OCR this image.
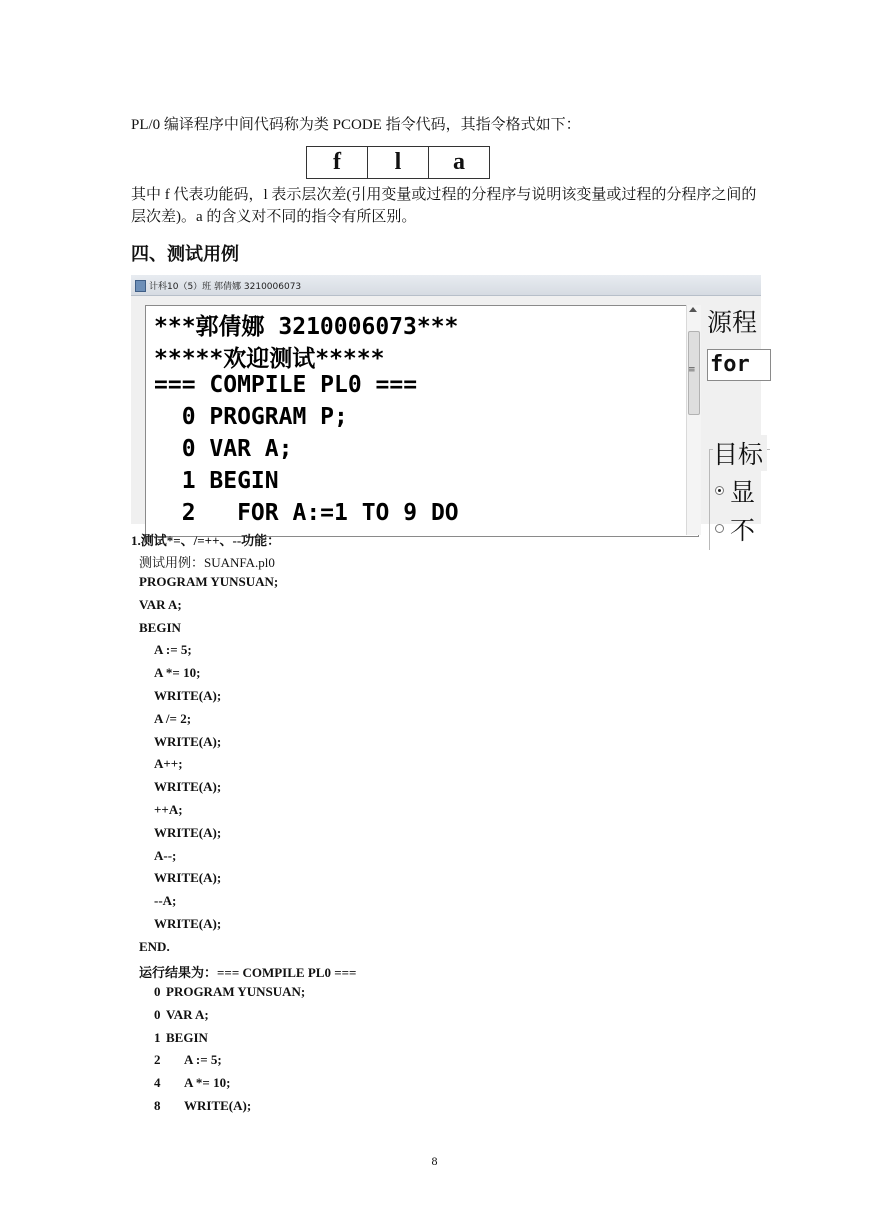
PL/0 编译程序中间代码称为类 PCODE 指令代码，其指令格式如下：
f	l	a
其中 f 代表功能码，l 表示层次差(引用变量或过程的分程序与说明该变量或过程的分程序之间的层次差)。a 的含义对不同的指令有所区别。
四、测试用例
计科10（5）班 郭倩娜 3210006073
***郭倩娜 3210006073***
*****欢迎测试*****
=== COMPILE PL0 ===
0 PROGRAM P;
0 VAR A;
1 BEGIN
2   FOR A:=1 TO 9 DO
≡
源程
for
目标
显
不
1.测试*=、/=++、--功能：
测试用例：SUANFA.pl0
PROGRAM YUNSUAN;
VAR A;
BEGIN
A := 5;
A *= 10;
WRITE(A);
A /= 2;
WRITE(A);
A++;
WRITE(A);
++A;
WRITE(A);
A--;
WRITE(A);
--A;
WRITE(A);
END.
运行结果为：=== COMPILE PL0 ===
0 PROGRAM YUNSUAN;
0 VAR A;
1 BEGIN
2 A := 5;
4 A *= 10;
8 WRITE(A);
8
